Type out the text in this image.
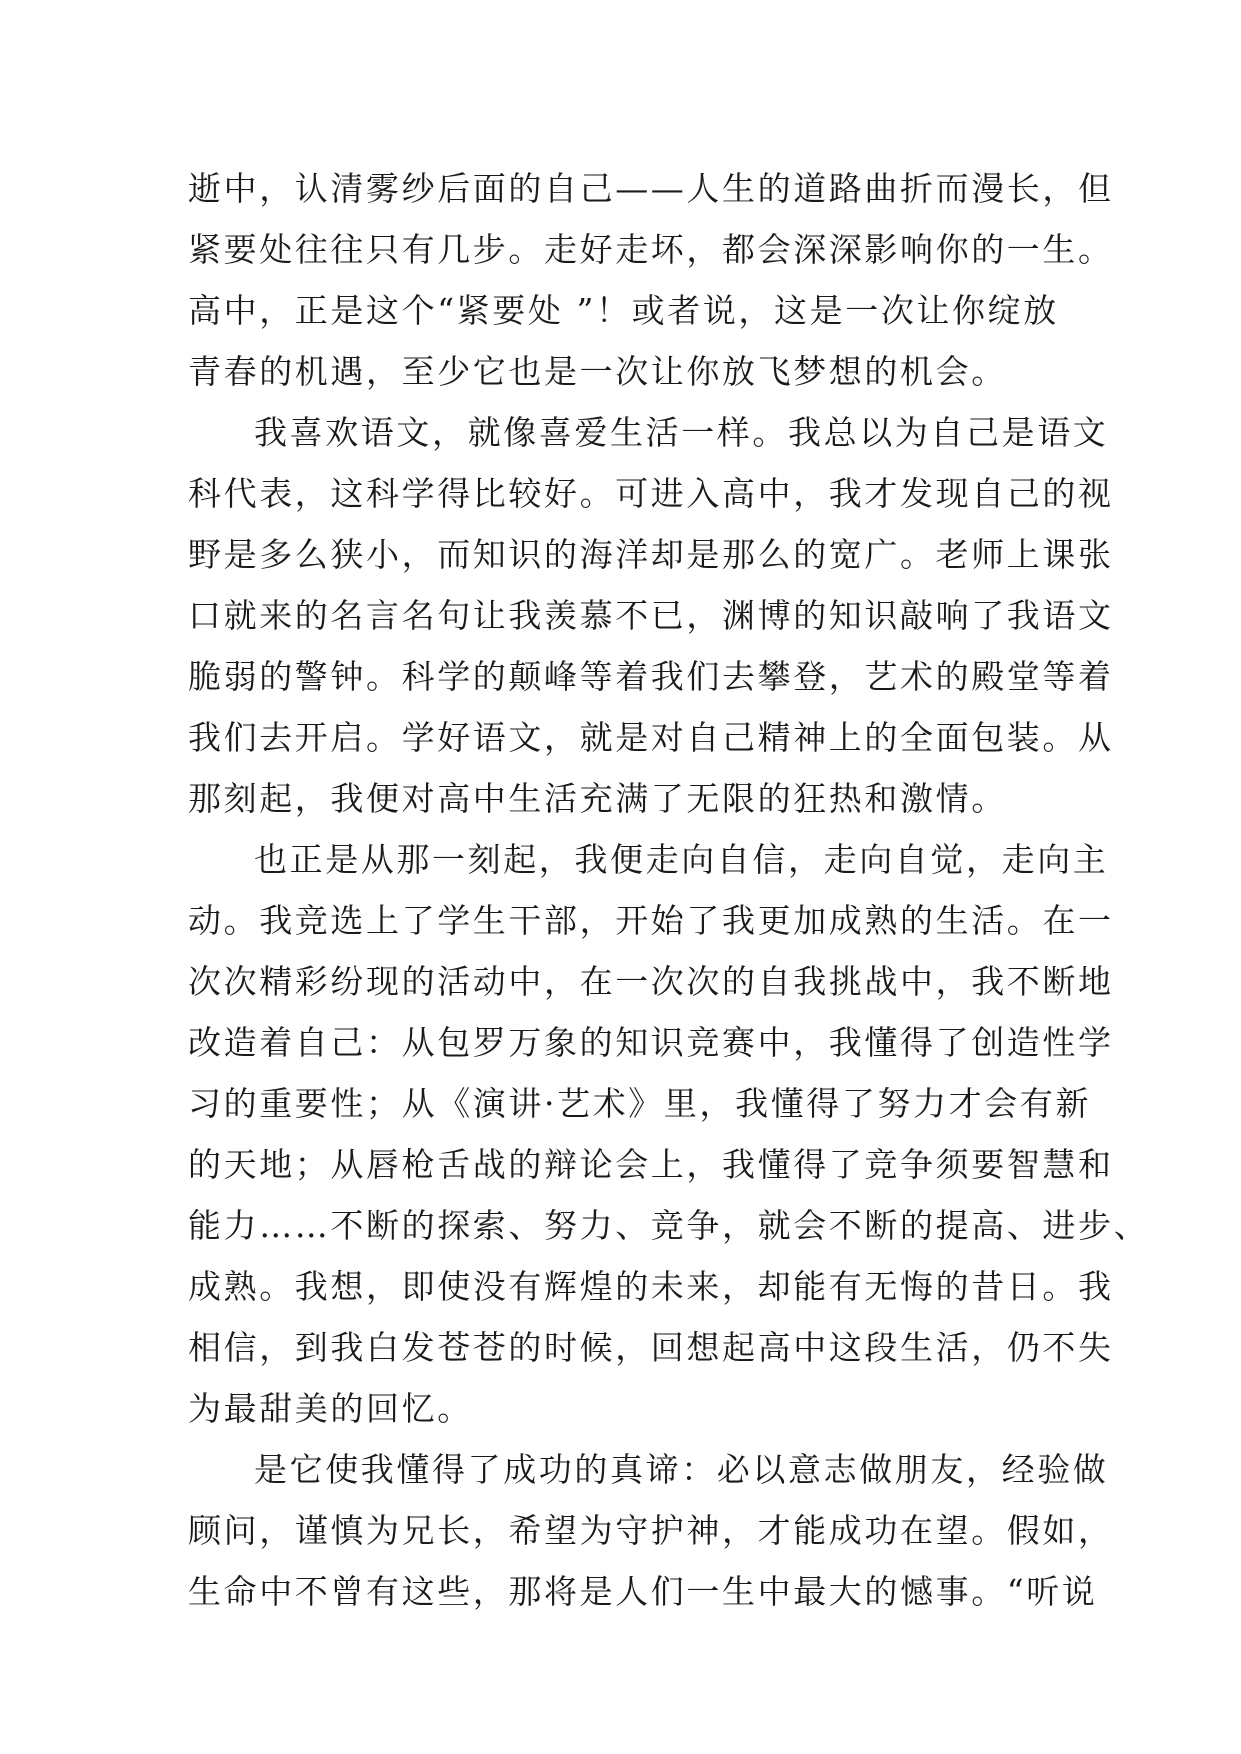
逝中，认清雾纱后面的自己——人生的道路曲折而漫长，但
紧要处往往只有几步。走好走坏，都会深深影响你的一生。
高中，正是这个“紧要处 ”！或者说，这是一次让你绽放
青春的机遇，至少它也是一次让你放飞梦想的机会。
我喜欢语文，就像喜爱生活一样。我总以为自己是语文
科代表，这科学得比较好。可进入高中，我才发现自己的视
野是多么狭小，而知识的海洋却是那么的宽广。老师上课张
口就来的名言名句让我羡慕不已，渊博的知识敲响了我语文
脆弱的警钟。科学的颠峰等着我们去攀登，艺术的殿堂等着
我们去开启。学好语文，就是对自己精神上的全面包装。从
那刻起，我便对高中生活充满了无限的狂热和激情。
也正是从那一刻起，我便走向自信，走向自觉，走向主
动。我竞选上了学生干部，开始了我更加成熟的生活。在一
次次精彩纷现的活动中，在一次次的自我挑战中，我不断地
改造着自己：从包罗万象的知识竞赛中，我懂得了创造性学
习的重要性；从《演讲·艺术》里，我懂得了努力才会有新
的天地；从唇枪舌战的辩论会上，我懂得了竞争须要智慧和
能力……不断的探索、努力、竞争，就会不断的提高、进步、
成熟。我想，即使没有辉煌的未来，却能有无悔的昔日。我
相信，到我白发苍苍的时候，回想起高中这段生活，仍不失
为最甜美的回忆。
是它使我懂得了成功的真谛：必以意志做朋友，经验做
顾问，谨慎为兄长，希望为守护神，才能成功在望。假如，
生命中不曾有这些，那将是人们一生中最大的憾事。“听说
